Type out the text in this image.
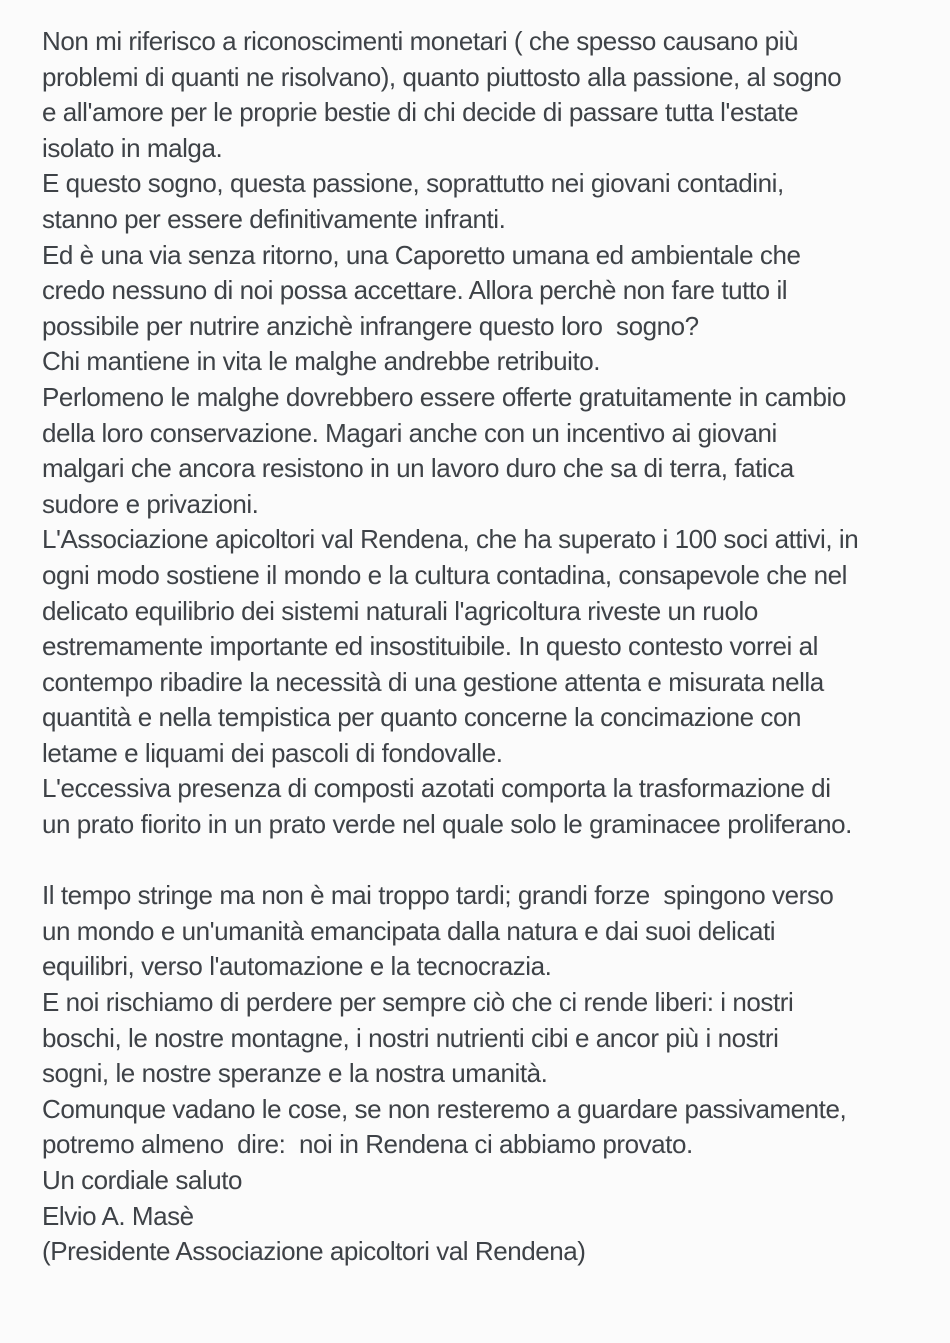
Non mi riferisco a riconoscimenti monetari ( che spesso causano più
problemi di quanti ne risolvano), quanto piuttosto alla passione, al sogno
e all'amore per le proprie bestie di chi decide di passare tutta l'estate
isolato in malga.
E questo sogno, questa passione, soprattutto nei giovani contadini,
stanno per essere definitivamente infranti.
Ed è una via senza ritorno, una Caporetto umana ed ambientale che
credo nessuno di noi possa accettare. Allora perchè non fare tutto il
possibile per nutrire anzichè infrangere questo loro  sogno?
Chi mantiene in vita le malghe andrebbe retribuito.
Perlomeno le malghe dovrebbero essere offerte gratuitamente in cambio
della loro conservazione. Magari anche con un incentivo ai giovani
malgari che ancora resistono in un lavoro duro che sa di terra, fatica
sudore e privazioni.
L'Associazione apicoltori val Rendena, che ha superato i 100 soci attivi, in
ogni modo sostiene il mondo e la cultura contadina, consapevole che nel
delicato equilibrio dei sistemi naturali l'agricoltura riveste un ruolo
estremamente importante ed insostituibile. In questo contesto vorrei al
contempo ribadire la necessità di una gestione attenta e misurata nella
quantità e nella tempistica per quanto concerne la concimazione con
letame e liquami dei pascoli di fondovalle.
L'eccessiva presenza di composti azotati comporta la trasformazione di
un prato fiorito in un prato verde nel quale solo le graminacee proliferano.
Il tempo stringe ma non è mai troppo tardi; grandi forze  spingono verso
un mondo e un'umanità emancipata dalla natura e dai suoi delicati
equilibri, verso l'automazione e la tecnocrazia.
E noi rischiamo di perdere per sempre ciò che ci rende liberi: i nostri
boschi, le nostre montagne, i nostri nutrienti cibi e ancor più i nostri
sogni, le nostre speranze e la nostra umanità.
Comunque vadano le cose, se non resteremo a guardare passivamente,
potremo almeno  dire:  noi in Rendena ci abbiamo provato.
Un cordiale saluto
Elvio A. Masè
(Presidente Associazione apicoltori val Rendena)
